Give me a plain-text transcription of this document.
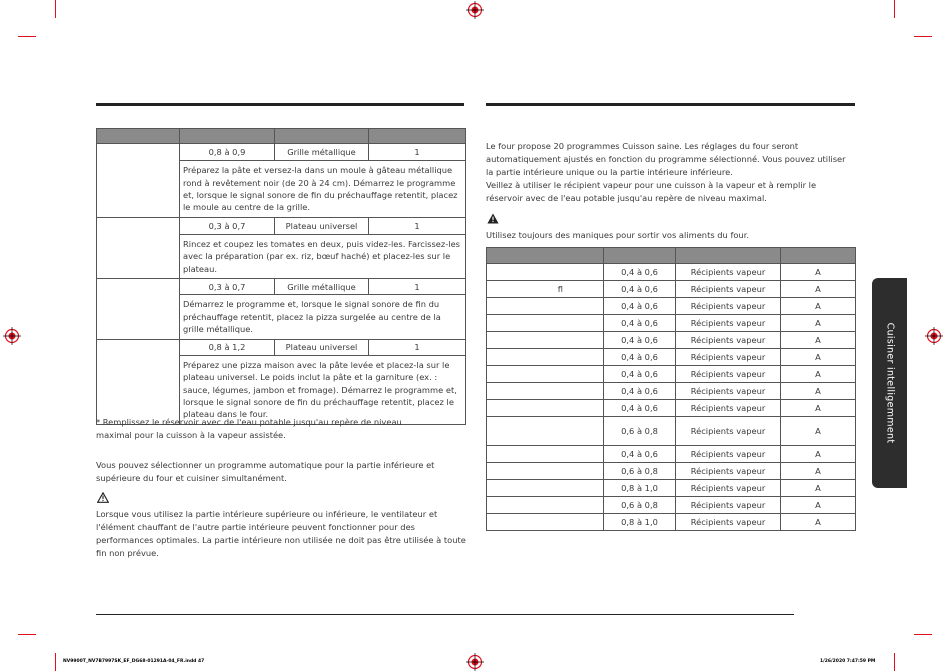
	0,8 à 0,9	Grille métallique	1
	Préparez la pâte et versez-la dans un moule à gâteau métallique rond à revêtement noir (de 20 à 24 cm). Démarrez le programme et, lorsque le signal sonore de fin du préchauffage retentit, placez le moule au centre de la grille.		
	0,3 à 0,7	Plateau universel	1
	Rincez et coupez les tomates en deux, puis videz-les. Farcissez-les avec la préparation (par ex. riz, bœuf haché) et placez-les sur le plateau.		
	0,3 à 0,7	Grille métallique	1
	Démarrez le programme et, lorsque le signal sonore de fin du préchauffage retentit, placez la pizza surgelée au centre de la grille métallique.		
	0,8 à 1,2	Plateau universel	1
	Préparez une pizza maison avec la pâte levée et placez-la sur le plateau universel. Le poids inclut la pâte et la garniture (ex. : sauce, légumes, jambon et fromage). Démarrez le programme et, lorsque le signal sonore de fin du préchauffage retentit, placez le plateau dans le four.		
* Remplissez le réservoir avec de l'eau potable jusqu'au repère de niveau maximal pour la cuisson à la vapeur assistée.
Vous pouvez sélectionner un programme automatique pour la partie inférieure et supérieure du four et cuisiner simultanément.
Lorsque vous utilisez la partie intérieure supérieure ou inférieure, le ventilateur et l'élément chauffant de l'autre partie intérieure peuvent fonctionner pour des performances optimales. La partie intérieure non utilisée ne doit pas être utilisée à toute fin non prévue.
Le four propose 20 programmes Cuisson saine. Les réglages du four seront automatiquement ajustés en fonction du programme sélectionné. Vous pouvez utiliser la partie intérieure unique ou la partie intérieure inférieure.
Veillez à utiliser le récipient vapeur pour une cuisson à la vapeur et à remplir le réservoir avec de l'eau potable jusqu'au repère de niveau maximal.
Utilisez toujours des maniques pour sortir vos aliments du four.

	0,4 à 0,6	Récipients vapeur	A
ﬂ	0,4 à 0,6	Récipients vapeur	A
	0,4 à 0,6	Récipients vapeur	A
	0,4 à 0,6	Récipients vapeur	A
	0,4 à 0,6	Récipients vapeur	A
	0,4 à 0,6	Récipients vapeur	A
	0,4 à 0,6	Récipients vapeur	A
	0,4 à 0,6	Récipients vapeur	A
	0,4 à 0,6	Récipients vapeur	A
	0,6 à 0,8	Récipients vapeur	A
	0,4 à 0,6	Récipients vapeur	A
	0,6 à 0,8	Récipients vapeur	A
	0,8 à 1,0	Récipients vapeur	A
	0,6 à 0,8	Récipients vapeur	A
	0,8 à 1,0	Récipients vapeur	A
Cuisiner intelligemment
NV9900T_NV7B7997SK_EF_DG68-01291A-04_FR.indd 47	1/26/2020 7:47:59 PM
